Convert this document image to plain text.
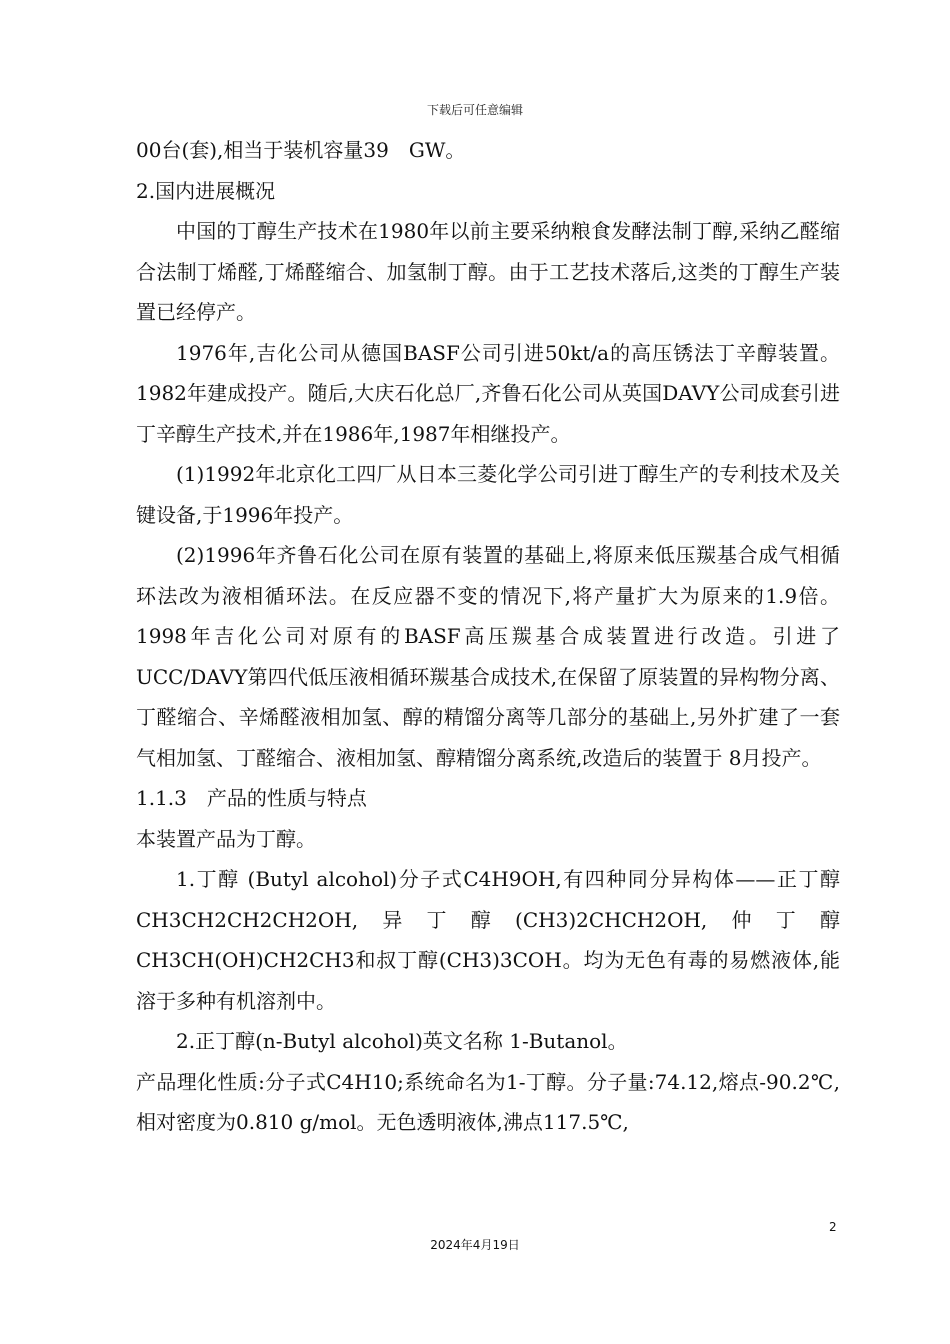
下载后可任意编辑

00台(套),相当于装机容量39　GW。

2.国内进展概况

中国的丁醇生产技术在1980年以前主要采纳粮食发酵法制丁醇,采纳乙醛缩合法制丁烯醛,丁烯醛缩合、加氢制丁醇。由于工艺技术落后,这类的丁醇生产装置已经停产。

1976年,吉化公司从德国BASF公司引进50kt/a的高压锈法丁辛醇装置。1982年建成投产。随后,大庆石化总厂,齐鲁石化公司从英国DAVY公司成套引进丁辛醇生产技术,并在1986年,1987年相继投产。

(1)1992年北京化工四厂从日本三菱化学公司引进丁醇生产的专利技术及关键设备,于1996年投产。

(2)1996年齐鲁石化公司在原有装置的基础上,将原来低压羰基合成气相循环法改为液相循环法。在反应器不变的情况下,将产量扩大为原来的1.9倍。1998年吉化公司对原有的BASF高压羰基合成装置进行改造。引进了UCC/DAVY第四代低压液相循环羰基合成技术,在保留了原装置的异构物分离、丁醛缩合、辛烯醛液相加氢、醇的精馏分离等几部分的基础上,另外扩建了一套气相加氢、丁醛缩合、液相加氢、醇精馏分离系统,改造后的装置于 8月投产。

1.1.3　产品的性质与特点

本装置产品为丁醇。

1.丁醇 (Butyl alcohol)分子式C4H9OH,有四种同分异构体——正丁醇　CH3CH2CH2CH2OH,异丁醇(CH3)2CHCH2OH,仲丁醇CH3CH(OH)CH2CH3和叔丁醇(CH3)3COH。均为无色有毒的易燃液体,能溶于多种有机溶剂中。

2.正丁醇(n-Butyl alcohol)英文名称 1-Butanol。

产品理化性质:分子式C4H10;系统命名为1-丁醇。分子量:74.12,熔点-90.2℃,相对密度为0.810 g/mol。无色透明液体,沸点117.5℃,

2
2024年4月19日
